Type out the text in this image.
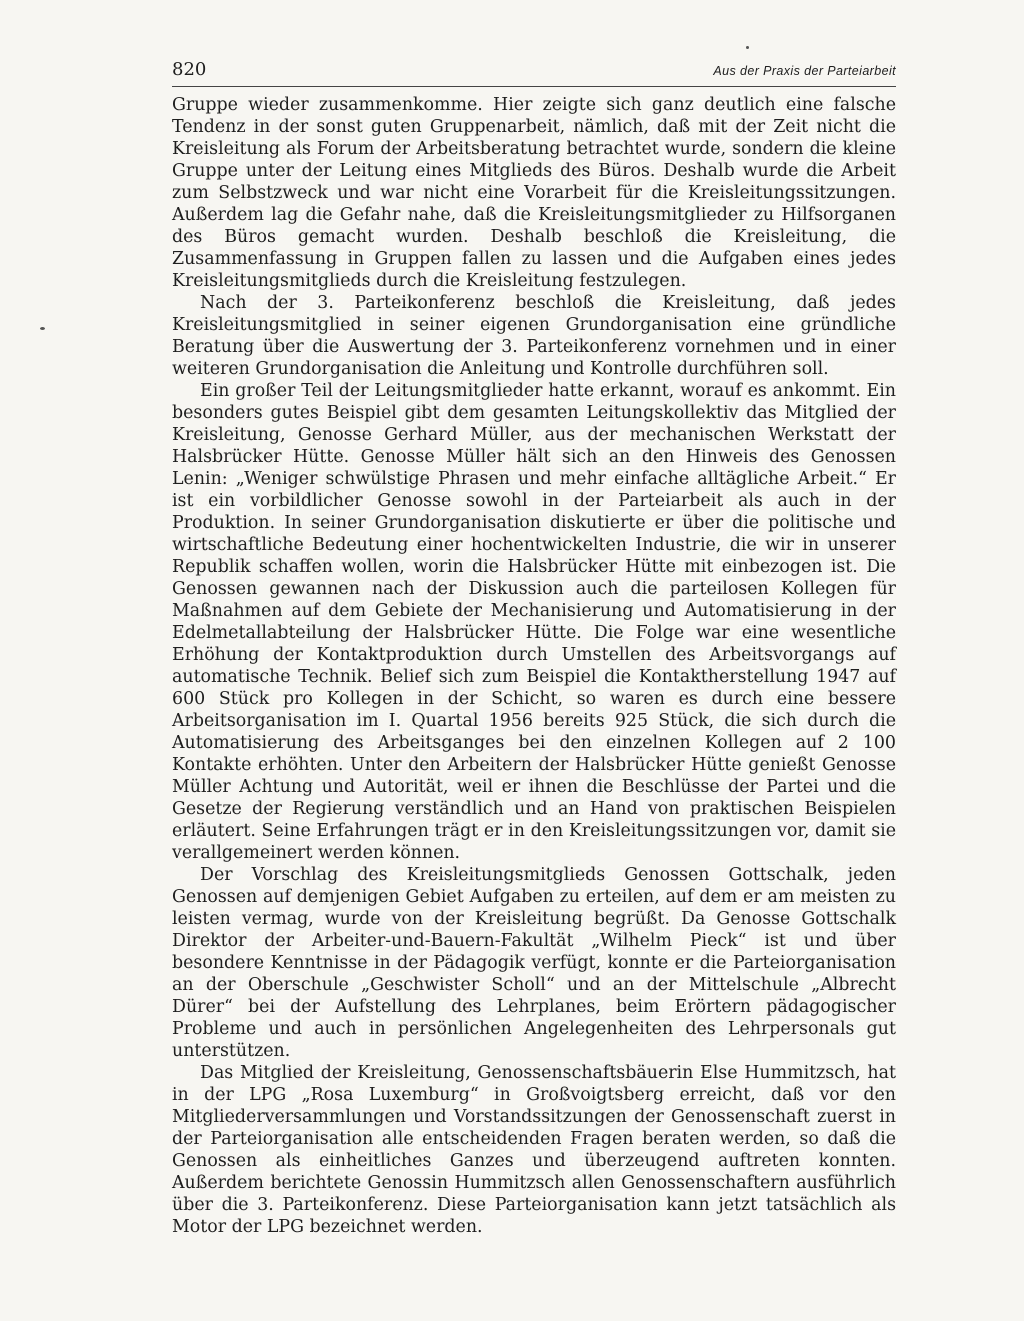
820	Aus der Praxis der Parteiarbeit

Gruppe wieder zusammenkomme. Hier zeigte sich ganz deutlich eine falsche Tendenz in der sonst guten Gruppenarbeit, nämlich, daß mit der Zeit nicht die Kreisleitung als Forum der Arbeitsberatung betrachtet wurde, sondern die kleine Gruppe unter der Leitung eines Mitglieds des Büros. Deshalb wurde die Arbeit zum Selbstzweck und war nicht eine Vorarbeit für die Kreisleitungssitzungen. Außerdem lag die Gefahr nahe, daß die Kreisleitungsmitglieder zu Hilfsorganen des Büros gemacht wurden. Deshalb beschloß die Kreisleitung, die Zusammenfassung in Gruppen fallen zu lassen und die Aufgaben eines jedes Kreisleitungsmitglieds durch die Kreisleitung festzulegen.

Nach der 3. Parteikonferenz beschloß die Kreisleitung, daß jedes Kreisleitungsmitglied in seiner eigenen Grundorganisation eine gründliche Beratung über die Auswertung der 3. Parteikonferenz vornehmen und in einer weiteren Grundorganisation die Anleitung und Kontrolle durchführen soll.

Ein großer Teil der Leitungsmitglieder hatte erkannt, worauf es ankommt. Ein besonders gutes Beispiel gibt dem gesamten Leitungskollektiv das Mitglied der Kreisleitung, Genosse Gerhard Müller, aus der mechanischen Werkstatt der Halsbrücker Hütte. Genosse Müller hält sich an den Hinweis des Genossen Lenin: „Weniger schwülstige Phrasen und mehr einfache alltägliche Arbeit.“ Er ist ein vorbildlicher Genosse sowohl in der Parteiarbeit als auch in der Produktion. In seiner Grundorganisation diskutierte er über die politische und wirtschaftliche Bedeutung einer hochentwickelten Industrie, die wir in unserer Republik schaffen wollen, worin die Halsbrücker Hütte mit einbezogen ist. Die Genossen gewannen nach der Diskussion auch die parteilosen Kollegen für Maßnahmen auf dem Gebiete der Mechanisierung und Automatisierung in der Edelmetallabteilung der Halsbrücker Hütte. Die Folge war eine wesentliche Erhöhung der Kontaktproduktion durch Umstellen des Arbeitsvorgangs auf automatische Technik. Belief sich zum Beispiel die Kontaktherstellung 1947 auf 600 Stück pro Kollegen in der Schicht, so waren es durch eine bessere Arbeitsorganisation im I. Quartal 1956 bereits 925 Stück, die sich durch die Automatisierung des Arbeitsganges bei den einzelnen Kollegen auf 2 100 Kontakte erhöhten. Unter den Arbeitern der Halsbrücker Hütte genießt Genosse Müller Achtung und Autorität, weil er ihnen die Beschlüsse der Partei und die Gesetze der Regierung verständlich und an Hand von praktischen Beispielen erläutert. Seine Erfahrungen trägt er in den Kreisleitungssitzungen vor, damit sie verallgemeinert werden können.

Der Vorschlag des Kreisleitungsmitglieds Genossen Gottschalk, jeden Genossen auf demjenigen Gebiet Aufgaben zu erteilen, auf dem er am meisten zu leisten vermag, wurde von der Kreisleitung begrüßt. Da Genosse Gottschalk Direktor der Arbeiter-und-Bauern-Fakultät „Wilhelm Pieck“ ist und über besondere Kenntnisse in der Pädagogik verfügt, konnte er die Parteiorganisation an der Oberschule „Geschwister Scholl“ und an der Mittelschule „Albrecht Dürer“ bei der Aufstellung des Lehrplanes, beim Erörtern pädagogischer Probleme und auch in persönlichen Angelegenheiten des Lehrpersonals gut unterstützen.

Das Mitglied der Kreisleitung, Genossenschaftsbäuerin Else Hummitzsch, hat in der LPG „Rosa Luxemburg“ in Großvoigtsberg erreicht, daß vor den Mitgliederversammlungen und Vorstandssitzungen der Genossenschaft zuerst in der Parteiorganisation alle entscheidenden Fragen beraten werden, so daß die Genossen als einheitliches Ganzes und überzeugend auftreten konnten. Außerdem berichtete Genossin Hummitzsch allen Genossenschaftern ausführlich über die 3. Parteikonferenz. Diese Parteiorganisation kann jetzt tatsächlich als Motor der LPG bezeichnet werden.
